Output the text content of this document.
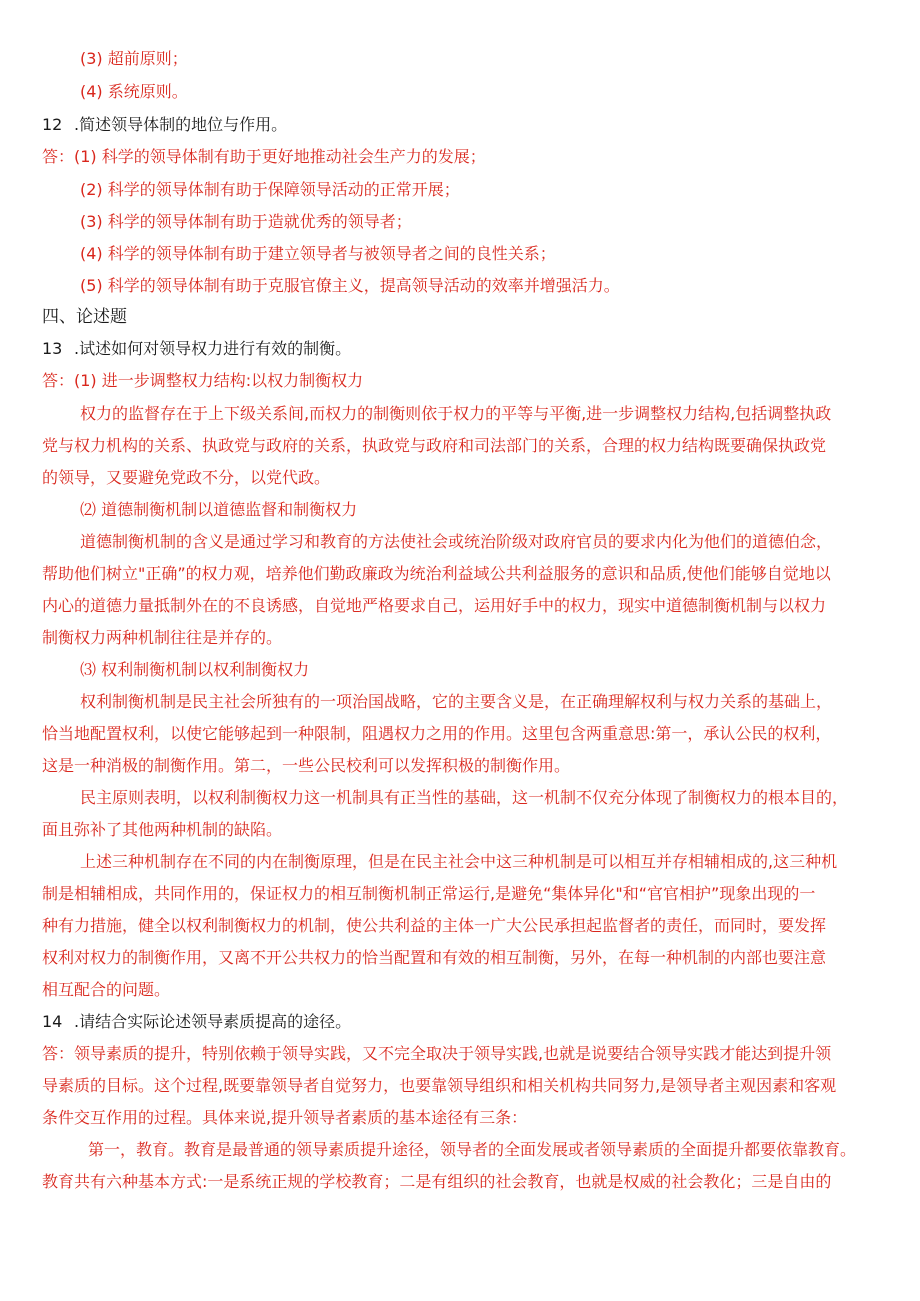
(3) 超前原则；
(4) 系统原则。
12 .简述领导体制的地位与作用。
答：(1) 科学的领导体制有助于更好地推动社会生产力的发展；
(2) 科学的领导体制有助于保障领导活动的正常开展；
(3) 科学的领导体制有助于造就优秀的领导者；
(4) 科学的领导体制有助于建立领导者与被领导者之间的良性关系；
(5) 科学的领导体制有助于克服官僚主义，提高领导活动的效率并增强活力。
四、论述题
13 .试述如何对领导权力进行有效的制衡。
答：(1) 进一步调整权力结构:以权力制衡权力
权力的监督存在于上下级关系间,而权力的制衡则依于权力的平等与平衡,进一步调整权力结构,包括调整执政
党与权力机构的关系、执政党与政府的关系，执政党与政府和司法部门的关系，合理的权力结构既要确保执政党
的领导，又要避免党政不分，以党代政。
⑵ 道德制衡机制以道德监督和制衡权力
道德制衡机制的含义是通过学习和教育的方法使社会或统治阶级对政府官员的要求内化为他们的道德伯念，
帮助他们树立"正确”的权力观，培养他们勤政廉政为统治利益域公共利益服务的意识和品质,使他们能够自觉地以
内心的道德力量抵制外在的不良诱感，自觉地严格要求自己，运用好手中的权力，现实中道德制衡机制与以权力
制衡权力两种机制往往是并存的。
⑶ 权利制衡机制以权利制衡权力
权利制衡机制是民主社会所独有的一项治国战略，它的主要含义是，在正确理解权利与权力关系的基础上，
恰当地配置权利，以使它能够起到一种限制，阻遇权力之用的作用。这里包含两重意思:第一，承认公民的权利，
这是一种消极的制衡作用。第二，一些公民校利可以发挥积极的制衡作用。
民主原则表明，以权利制衡权力这一机制具有正当性的基础，这一机制不仅充分体现了制衡权力的根本目的，
面且弥补了其他两种机制的缺陷。
上述三种机制存在不同的内在制衡原理，但是在民主社会中这三种机制是可以相互并存相辅相成的,这三种机
制是相辅相成，共同作用的，保证权力的相互制衡机制正常运行,是避免“集体异化"和“官官相护”现象出现的一
种有力措施，健全以权利制衡权力的机制，使公共利益的主体一广大公民承担起监督者的责任，而同时，要发挥
权利对权力的制衡作用，又离不开公共权力的恰当配置和有效的相互制衡，另外，在每一种机制的内部也要注意
相互配合的问题。
14 .请结合实际论述领导素质提高的途径。
答：领导素质的提升，特别依赖于领导实践，又不完全取决于领导实践,也就是说要结合领导实践才能达到提升领
导素质的目标。这个过程,既要靠领导者自觉努力，也要靠领导组织和相关机构共同努力,是领导者主观因素和客观
条件交互作用的过程。具体来说,提升领导者素质的基本途径有三条：
第一，教育。教育是最普通的领导素质提升途径，领导者的全面发展或者领导素质的全面提升都要依靠教育。
教育共有六种基本方式:一是系统正规的学校教育；二是有组织的社会教育，也就是权威的社会教化；三是自由的
